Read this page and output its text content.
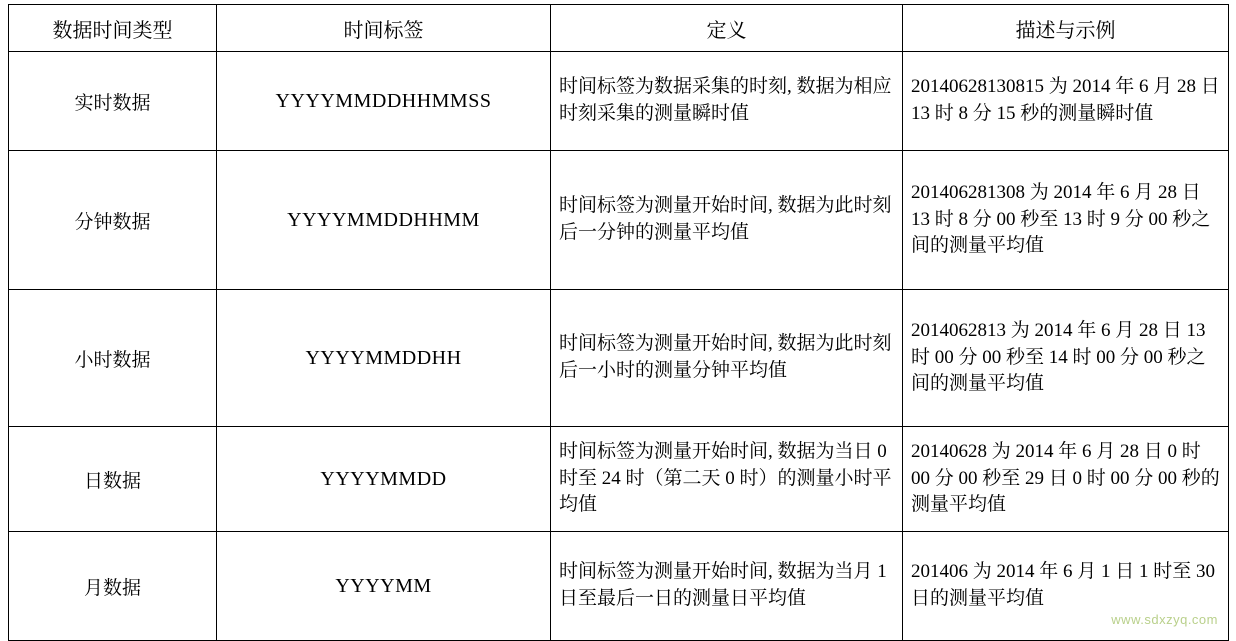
数据时间类型	时间标签	定义	描述与示例
实时数据	YYYYMMDDHHMMSS	时间标签为数据采集的时刻, 数据为相应时刻采集的测量瞬时值	20140628130815 为 2014 年 6 月 28 日 13 时 8 分 15 秒的测量瞬时值
分钟数据	YYYYMMDDHHMM	时间标签为测量开始时间, 数据为此时刻后一分钟的测量平均值	201406281308 为 2014 年 6 月 28 日 13 时 8 分 00 秒至 13 时 9 分 00 秒之间的测量平均值
小时数据	YYYYMMDDHH	时间标签为测量开始时间, 数据为此时刻后一小时的测量分钟平均值	2014062813 为 2014 年 6 月 28 日 13 时 00 分 00 秒至 14 时 00 分 00 秒之间的测量平均值
日数据	YYYYMMDD	时间标签为测量开始时间, 数据为当日 0 时至 24 时（第二天 0 时）的测量小时平均值	20140628 为 2014 年 6 月 28 日 0 时 00 分 00 秒至 29 日 0 时 00 分 00 秒的测量平均值
月数据	YYYYMM	时间标签为测量开始时间, 数据为当月 1 日至最后一日的测量日平均值	201406 为 2014 年 6 月 1 日 1 时至 30 日的测量平均值
www.sdxzyq.com
